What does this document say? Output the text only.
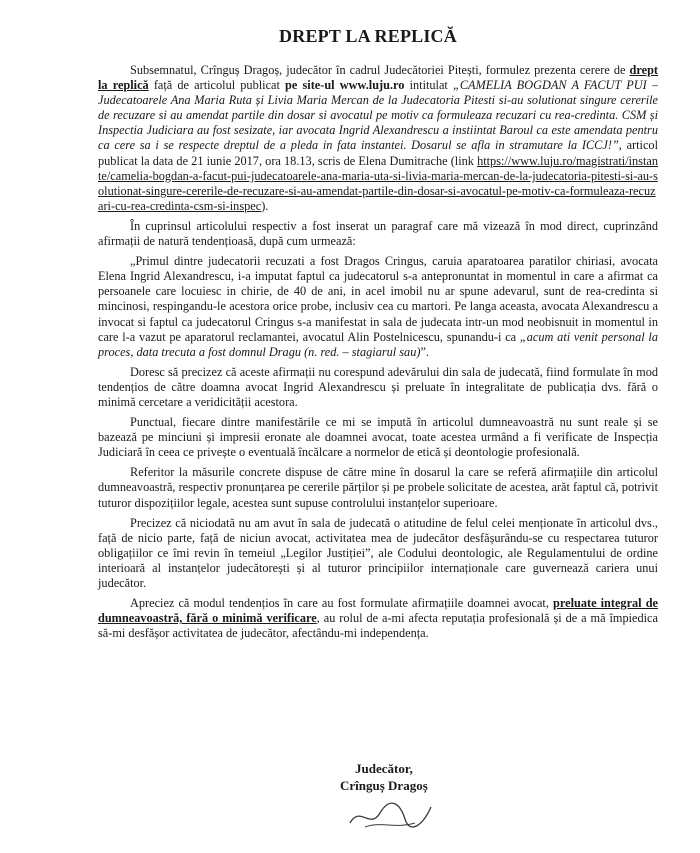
DREPT LA REPLICĂ

Subsemnatul, Crînguș Dragoș, judecător în cadrul Judecătoriei Pitești, formulez prezenta cerere de drept la replică față de articolul publicat pe site-ul www.luju.ro intitulat „CAMELIA BOGDAN A FACUT PUI – Judecatoarele Ana Maria Ruta și Livia Maria Mercan de la Judecatoria Pitesti si-au solutionat singure cererile de recuzare si au amendat partile din dosar si avocatul pe motiv ca formuleaza recuzari cu rea-credinta. CSM și Inspectia Judiciara au fost sesizate, iar avocata Ingrid Alexandrescu a instiintat Baroul ca este amendata pentru ca cere sa i se respecte dreptul de a pleda in fata instantei. Dosarul se afla in stramutare la ICCJ!”, articol publicat la data de 21 iunie 2017, ora 18.13, scris de Elena Dumitrache (link https://www.luju.ro/magistrati/instante/camelia-bogdan-a-facut-pui-judecatoarele-ana-maria-uta-si-livia-maria-mercan-de-la-judecatoria-pitesti-si-au-solutionat-singure-cererile-de-recuzare-si-au-amendat-partile-din-dosar-si-avocatul-pe-motiv-ca-formuleaza-recuzari-cu-rea-credinta-csm-si-inspec).

În cuprinsul articolului respectiv a fost inserat un paragraf care mă vizează în mod direct, cuprinzând afirmații de natură tendențioasă, după cum urmează:

„Primul dintre judecatorii recuzati a fost Dragos Cringus, caruia aparatoarea paratilor chiriasi, avocata Elena Ingrid Alexandrescu, i-a imputat faptul ca judecatorul s-a antepronuntat in momentul in care a afirmat ca persoanele care locuiesc in chirie, de 40 de ani, in acel imobil nu ar spune adevarul, sunt de rea-credinta si mincinosi, respingandu-le acestora orice probe, inclusiv cea cu martori. Pe langa aceasta, avocata Alexandrescu a invocat si faptul ca judecatorul Cringus s-a manifestat in sala de judecata intr-un mod neobisnuit in momentul in care l-a vazut pe aparatorul reclamantei, avocatul Alin Postelnicescu, spunandu-i ca „acum ati venit personal la proces, data trecuta a fost domnul Dragu (n. red. – stagiarul sau)”.

Doresc să precizez că aceste afirmații nu corespund adevărului din sala de judecată, fiind formulate în mod tendențios de către doamna avocat Ingrid Alexandrescu și preluate în integralitate de publicația dvs. fără o minimă cercetare a veridicității acestora.

Punctual, fiecare dintre manifestările ce mi se impută în articolul dumneavoastră nu sunt reale și se bazează pe minciuni și impresii eronate ale doamnei avocat, toate acestea urmând a fi verificate de Inspecția Judiciară în ceea ce privește o eventuală încălcare a normelor de etică și deontologie profesională.

Referitor la măsurile concrete dispuse de către mine în dosarul la care se referă afirmațiile din articolul dumneavoastră, respectiv pronunțarea pe cererile părților și pe probele solicitate de acestea, arăt faptul că, potrivit tuturor dispozițiilor legale, acestea sunt supuse controlului instanțelor superioare.

Precizez că niciodată nu am avut în sala de judecată o atitudine de felul celei menționate în articolul dvs., față de nicio parte, față de niciun avocat, activitatea mea de judecător desfășurându-se cu respectarea tuturor obligațiilor ce îmi revin în temeiul „Legilor Justiției”, ale Codului deontologic, ale Regulamentului de ordine interioară al instanțelor judecătorești și al tuturor principiilor internaționale care guvernează cariera unui judecător.

Apreciez că modul tendențios în care au fost formulate afirmațiile doamnei avocat, preluate integral de dumneavoastră, fără o minimă verificare, au rolul de a-mi afecta reputația profesională și de a mă împiedica să-mi desfășor activitatea de judecător, afectându-mi independența.

Judecător,
Crînguș Dragoș
